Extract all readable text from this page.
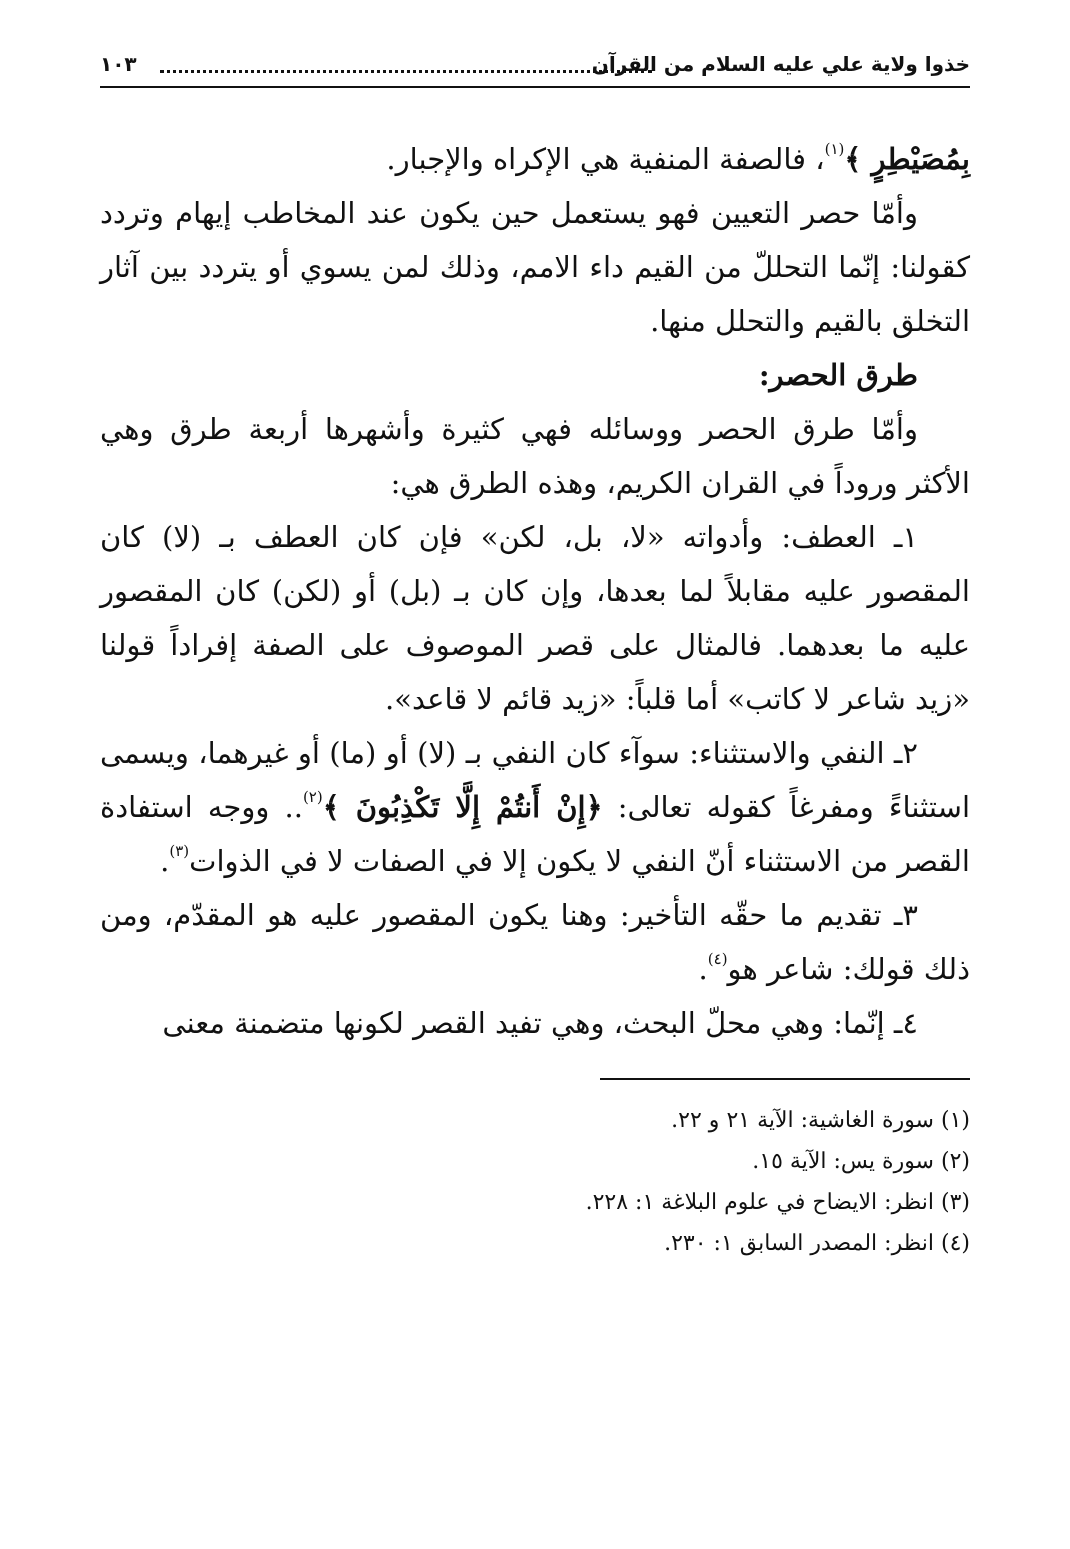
خذوا ولاية علي عليه السلام من القرآن
١٠٣

بِمُصَيْطِرٍ ﴾$^{(١)}$، فالصفة المنفية هي الإكراه والإجبار.

وأمّا حصر التعيين فهو يستعمل حين يكون عند المخاطب إيهام وتردد كقولنا: إنّما التحللّ من القيم داء الامم، وذلك لمن يسوي أو يتردد بين آثار التخلق بالقيم والتحلل منها.

طرق الحصر:

وأمّا طرق الحصر ووسائله فهي كثيرة وأشهرها أربعة طرق وهي الأكثر وروداً في القران الكريم، وهذه الطرق هي:

١ـ العطف: وأدواته «لا، بل، لكن» فإن كان العطف بـ (لا) كان المقصور عليه مقابلاً لما بعدها، وإن كان بـ (بل) أو (لكن) كان المقصور عليه ما بعدهما. فالمثال على قصر الموصوف على الصفة إفراداً قولنا «زيد شاعر لا كاتب» أما قلباً: «زيد قائم لا قاعد».

٢ـ النفي والاستثناء: سوآء كان النفي بـ (لا) أو (ما) أو غيرهما، ويسمى استثناءً ومفرغاً كقوله تعالى: ﴿إِنْ أَنتُمْ إِلَّا تَكْذِبُونَ ﴾$^{(٢)}$.. ووجه استفادة القصر من الاستثناء أنّ النفي لا يكون إلا في الصفات لا في الذوات$^{(٣)}$.

٣ـ تقديم ما حقّه التأخير: وهنا يكون المقصور عليه هو المقدّم، ومن ذلك قولك: شاعر هو$^{(٤)}$.

٤ـ إنّما: وهي محلّ البحث، وهي تفيد القصر لكونها متضمنة معنى

(١) سورة الغاشية: الآية ٢١ و ٢٢.
(٢) سورة يس: الآية ١٥.
(٣) انظر: الايضاح في علوم البلاغة ١: ٢٢٨.
(٤) انظر: المصدر السابق ١: ٢٣٠.
